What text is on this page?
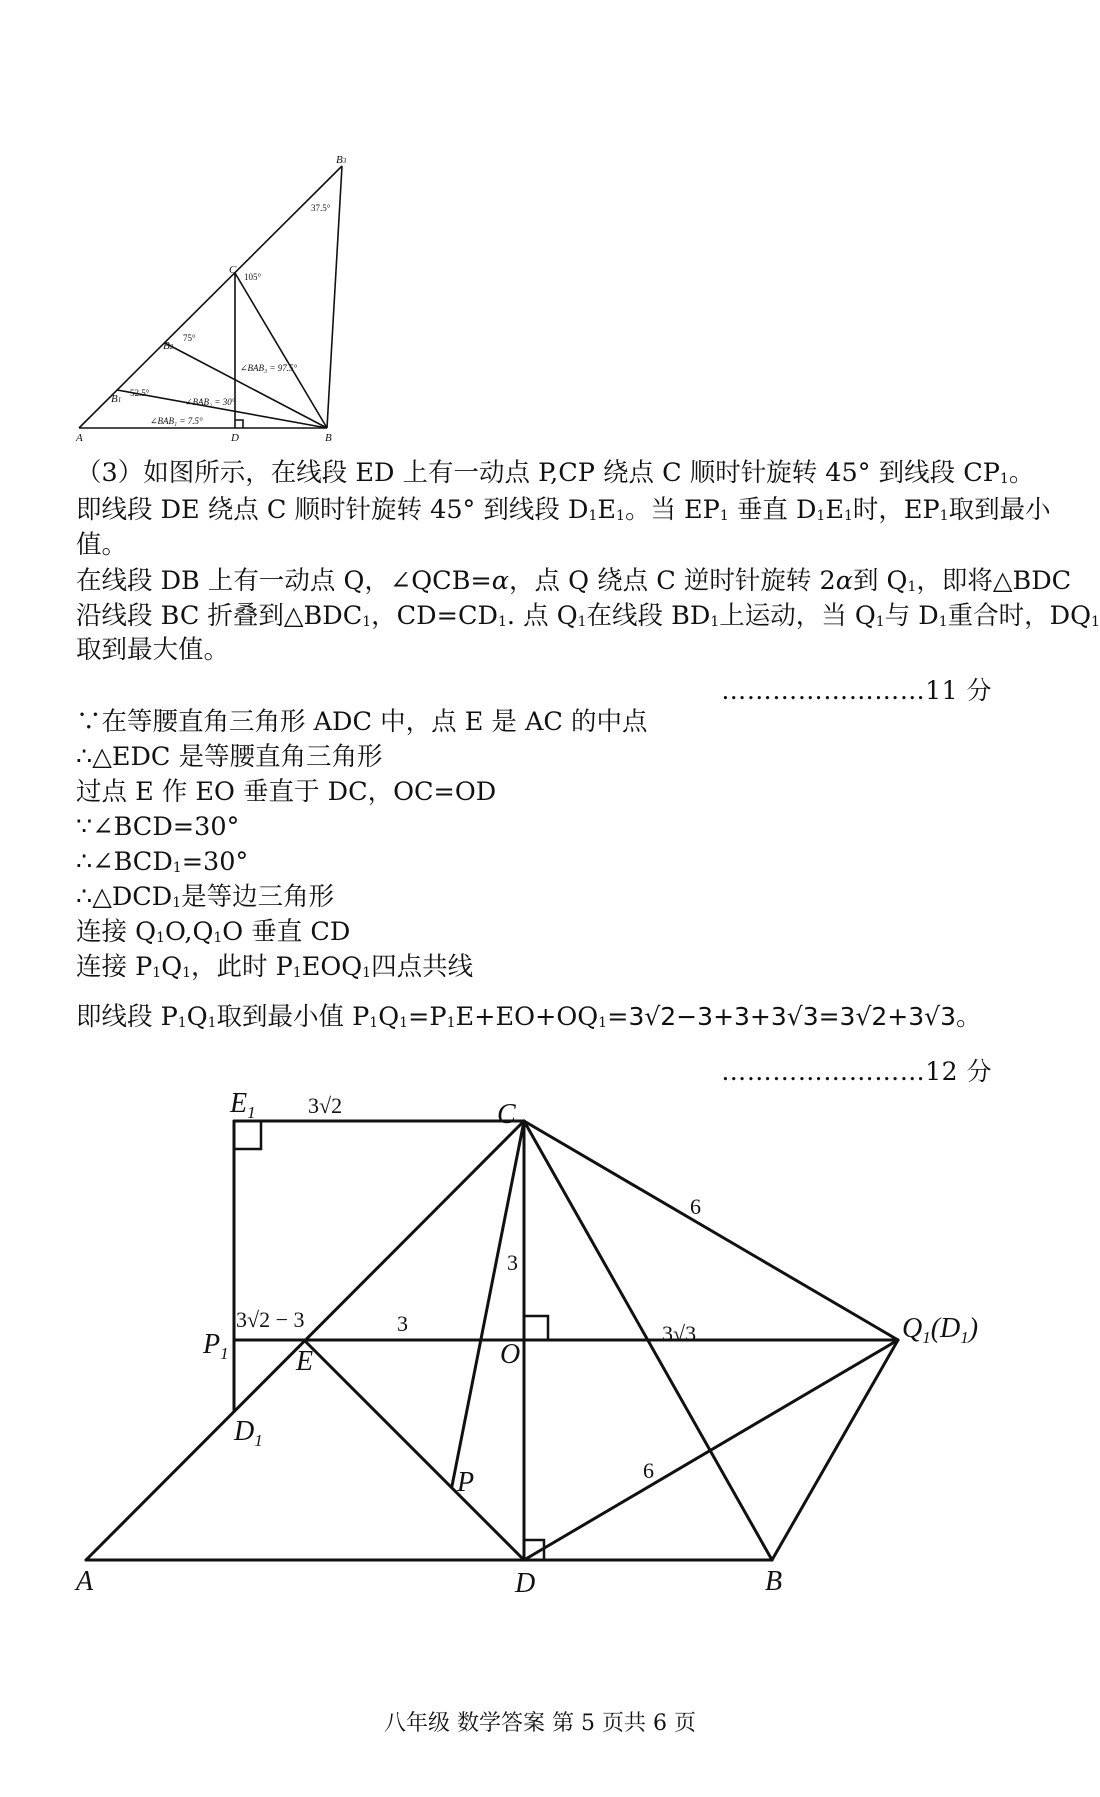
B3
C
B2
B1
A	D	B
37.5°
105°
75°
52.5°
∠BAB₃ = 97.5°
∠BAB₂ = 30°
∠BAB₁ = 7.5°
（3）如图所示，在线段 ED 上有一动点 P,CP 绕点 C 顺时针旋转 45° 到线段 $CP_1$。
即线段 DE 绕点 C 顺时针旋转 45° 到线段 $D_1E_1$。当 $EP_1$ 垂直 $D_1E_1$时，$EP_1$取到最小
值。
在线段 DB 上有一动点 Q，∠QCB=α，点 Q 绕点 C 逆时针旋转 2α到 $Q_1$，即将△BDC
沿线段 BC 折叠到$\triangle BDC_1$，$CD=CD_1$. 点 $Q_1$在线段 $BD_1$上运动，当 $Q_1$与 $D_1$重合时，$DQ_1$
取到最大值。
……………………11 分
∵在等腰直角三角形 ADC 中，点 E 是 AC 的中点
∴△EDC 是等腰直角三角形
过点 E 作 EO 垂直于 DC，OC=OD
∵∠BCD=30°
$\therefore\angle BCD_1=30^\circ$
$\therefore\triangle DCD_1$是等边三角形
连接 $Q_1O,Q_1O$ 垂直 CD
连接 $P_1Q_1$，此时 $P_1EOQ_1$四点共线
即线段 $P_1Q_1$取到最小值 $P_1Q_1=P_1E+EO+OQ_1=3√2-3+3+3√3=3√2+3√3$。
……………………12 分
$E_1$	C
$P_1$ E	O
$Q_1(D_1)$
$D_1$
P
A	D	B
3√2
6
3
3√2 − 3	3	3√3
6
八年级 数学答案 第 5 页共 6 页
